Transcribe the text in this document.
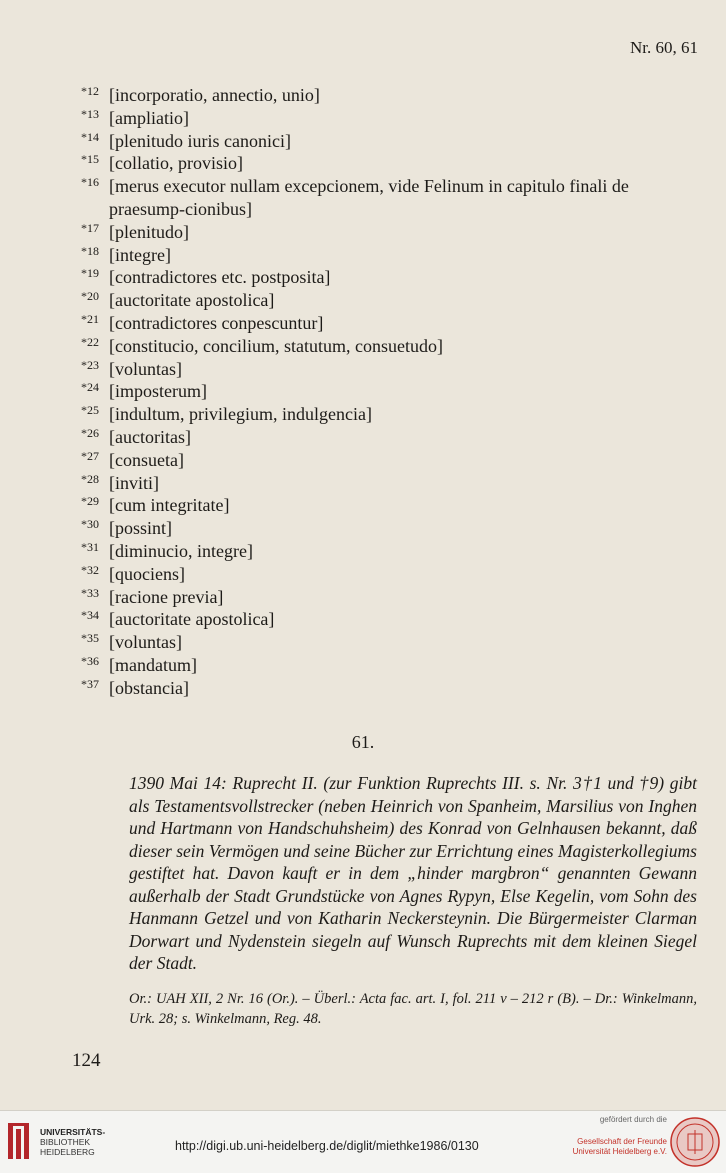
Nr. 60, 61
*12 [incorporatio, annectio, unio]
*13 [ampliatio]
*14 [plenitudo iuris canonici]
*15 [collatio, provisio]
*16 [merus executor nullam excepcionem, vide Felinum in capitulo finali de praesump-cionibus]
*17 [plenitudo]
*18 [integre]
*19 [contradictores etc. postposita]
*20 [auctoritate apostolica]
*21 [contradictores conpescuntur]
*22 [constitucio, concilium, statutum, consuetudo]
*23 [voluntas]
*24 [imposterum]
*25 [indultum, privilegium, indulgencia]
*26 [auctoritas]
*27 [consueta]
*28 [inviti]
*29 [cum integritate]
*30 [possint]
*31 [diminucio, integre]
*32 [quociens]
*33 [racione previa]
*34 [auctoritate apostolica]
*35 [voluntas]
*36 [mandatum]
*37 [obstancia]
61.
1390 Mai 14: Ruprecht II. (zur Funktion Ruprechts III. s. Nr. 3†1 und †9) gibt als Testamentsvollstrecker (neben Heinrich von Spanheim, Marsilius von Inghen und Hartmann von Handschuhsheim) des Konrad von Gelnhausen bekannt, daß dieser sein Vermögen und seine Bücher zur Errichtung eines Magisterkollegiums gestiftet hat. Davon kauft er in dem „hinder margbron“ genannten Gewann außerhalb der Stadt Grundstücke von Agnes Rypyn, Else Kegelin, vom Sohn des Hanmann Getzel und von Katharin Neckersteynin. Die Bürgermeister Clarman Dorwart und Nydenstein siegeln auf Wunsch Ruprechts mit dem kleinen Siegel der Stadt.
Or.: UAH XII, 2 Nr. 16 (Or.). – Überl.: Acta fac. art. I, fol. 211 v – 212 r (B). – Dr.: Winkelmann, Urk. 28; s. Winkelmann, Reg. 48.
124
UNIVERSITÄTS-
BIBLIOTHEK
HEIDELBERG	http://digi.ub.uni-heidelberg.de/diglit/miethke1986/0130
gefördert durch die
Gesellschaft der Freunde
Universität Heidelberg e.V.
